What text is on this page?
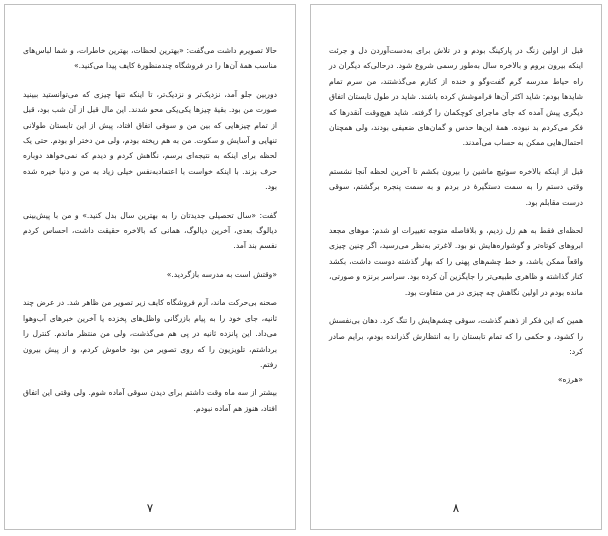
حالا تصویرم داشت می‌گفت: «بهترین لحظات، بهترین خاطرات، و شما لباس‌های مناسب همهٔ آن‌ها را در فروشگاه چندمنظورهٔ کایف پیدا می‌کنید.»

دوربین جلو آمد، نزدیک‌تر و نزدیک‌تر، تا اینکه تنها چیزی که می‌توانستید ببینید صورت من بود. بقیهٔ چیزها یکی‌یکی محو شدند. این مال قبل از آن شب بود، قبل از تمام چیزهایی که بین من و سوقی اتفاق افتاد، پیش از این تابستان طولانی تنهایی و آسایش و سکوت. من به هم ریخته بودم، ولی من دختر او بودم. حتی یک لحظه برای اینکه به نتیجه‌ای برسم، نگاهش کردم و دیدم که نمی‌خواهد دوباره حرف بزند. با اینکه خواست با اعتمادبه‌نفس خیلی زیاد به من و دنیا خیره شده بود.

گفت: «سال تحصیلی جدیدتان را به بهترین سال بدل کنید.» و من با پیش‌بینی دیالوگ بعدی، آخرین دیالوگ، همانی که بالاخره حقیقت داشت، احساس کردم نفسم بند آمد.

«وقتش است به مدرسه بازگردید.»

صحنه بی‌حرکت ماند، آرم فروشگاه کایف زیر تصویر من ظاهر شد. در عرض چند ثانیه، جای خود را به پیام بازرگانی واظل‌های پخزده یا آخرین خبرهای آب‌وهوا می‌داد. این پانزده ثانیه در پی هم می‌گذشت، ولی من منتظر ماندم. کنترل را برداشتم، تلویزیون را که روی تصویر من بود خاموش کردم، و از پیش بیرون رفتم.

بیشتر از سه ماه وقت داشتم برای دیدن سوقی آماده شوم. ولی وقتی این اتفاق افتاد، هنوز هم آماده نبودم.

۷

قبل از اولین زنگ در پارکینگ بودم و در تلاش برای به‌دست‌آوردن دل و جرئت اینکه بیرون بروم و بالاخره سال به‌طور رسمی شروع شود. درحالی‌که دیگران در راه حیاط مدرسه گرم گفت‌وگو و خنده از کنارم می‌گذشتند، من سرم تمام شایدها بودم: شاید اکثر آن‌ها فراموشش کرده باشند. شاید در طول تابستان اتفاق دیگری پیش آمده که جای ماجرای کوچکمان را گرفته. شاید هیچ‌وقت آنقدرها که فکر می‌کردم بد نبوده. همهٔ این‌ها حدس و گمان‌های ضعیفی بودند، ولی همچنان احتمال‌هایی ممکن به حساب می‌آمدند.

قبل از اینکه بالاخره سوئیچ ماشین را بیرون بکشم تا آخرین لحظه آنجا نشستم وقتی دستم را به سمت دستگیرهٔ در بردم و به سمت پنجره برگشتم، سوقی درست مقابلم بود.

لحظه‌ای فقط به هم زل زدیم، و بلافاصله متوجه تغییرات او شدم: موهای مجعد ابروهای کوتاه‌تر و گوشواره‌هایش نو بود. لاغرتر به‌نظر می‌رسید، اگر چنین چیزی واقعاً ممکن باشد، و خط چشم‌های پهنی را که بهار گذشته دوست داشت، بکشد کنار گذاشته و ظاهری طبیعی‌تر را جایگزین آن کرده بود. سراسر برنزه و صورتی، مانده بودم در اولین نگاهش چه چیزی در من متفاوت بود.

همین که این فکر از ذهنم گذشت، سوقی چشم‌هایش را تنگ کرد. دهان بی‌نفسش را کشود، و حکمی را که تمام تابستان را به انتظارش گذرانده بودم، برایم صادر کرد:

«هرزه»

۸
